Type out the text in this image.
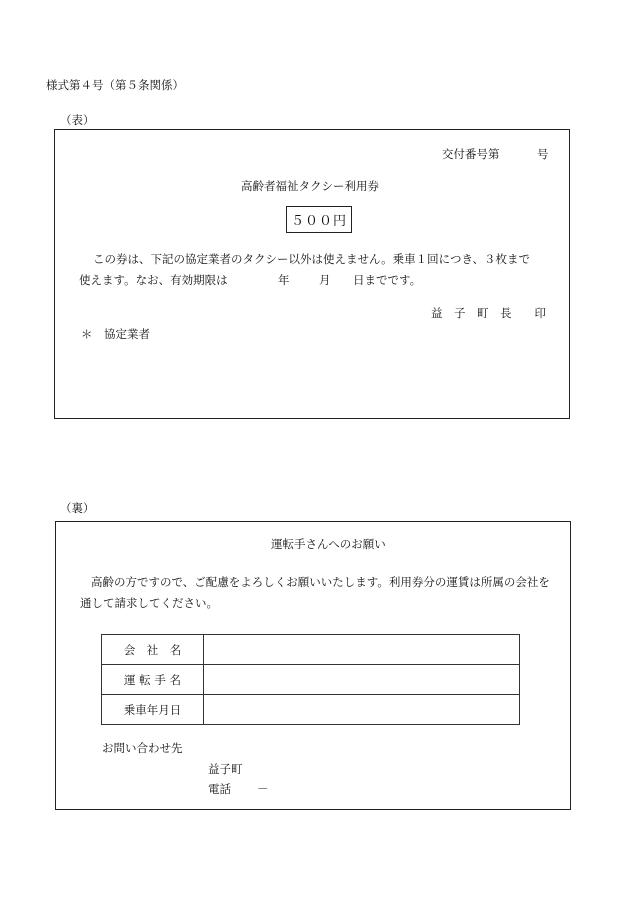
様式第４号（第５条関係）
（表）
交付番号第	号
高齢者福祉タクシー利用券
５００円
この券は、下記の協定業者のタクシー以外は使えません。乗車１回につき、３枚まで
使えます。なお、有効期限は	年	月 日までです。
益　子　町　長　　印
＊　協定業者
（裏）
運転手さんへのお願い
高齢の方ですので、ご配慮をよろしくお願いいたします。利用券分の運賃は所属の会社を
通して請求してください。
会　社　名	
運 転 手 名	
乗車年月日	
お問い合わせ先
益子町
電話 －
